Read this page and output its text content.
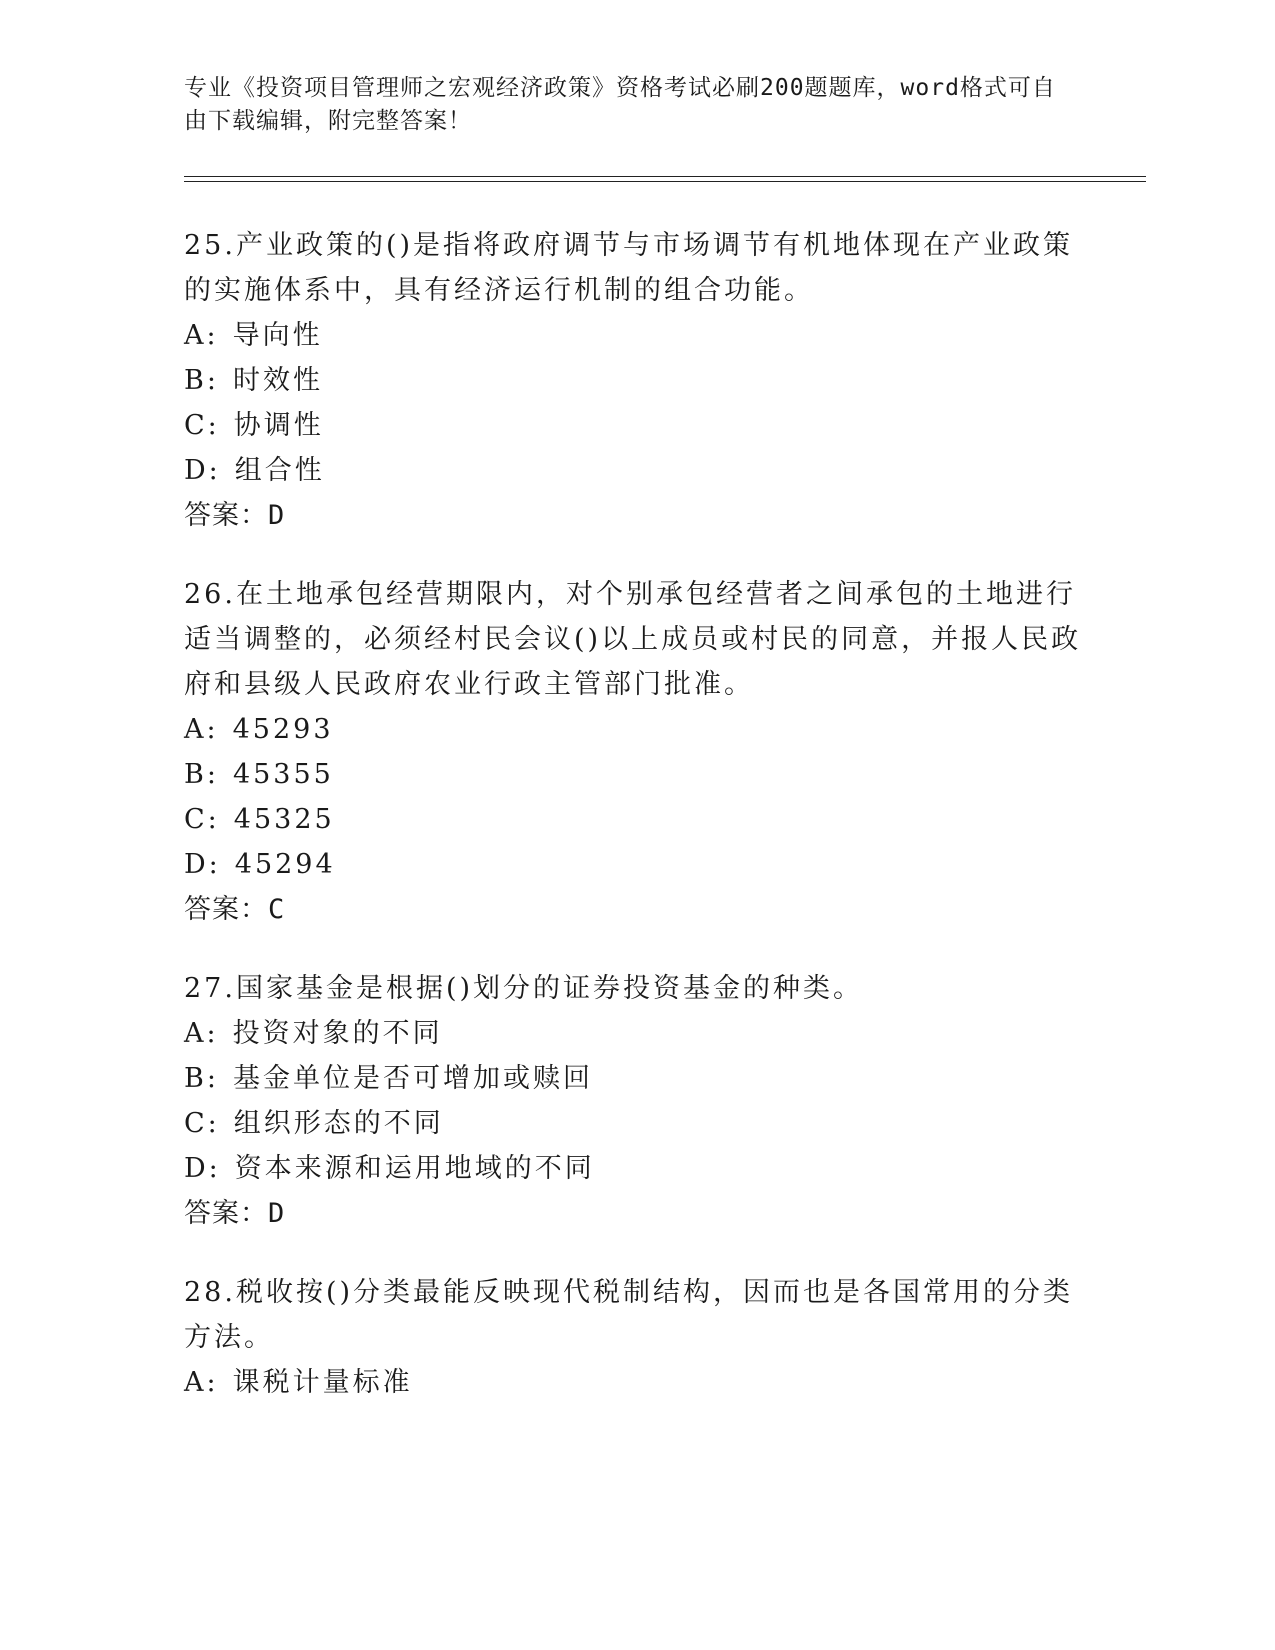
专业《投资项目管理师之宏观经济政策》资格考试必刷200题题库，word格式可自由下载编辑，附完整答案！
25.产业政策的()是指将政府调节与市场调节有机地体现在产业政策的实施体系中，具有经济运行机制的组合功能。
A: 导向性
B: 时效性
C: 协调性
D: 组合性
答案：D
26.在土地承包经营期限内，对个别承包经营者之间承包的土地进行适当调整的，必须经村民会议()以上成员或村民的同意，并报人民政府和县级人民政府农业行政主管部门批准。
A: 45293
B: 45355
C: 45325
D: 45294
答案：C
27.国家基金是根据()划分的证券投资基金的种类。
A: 投资对象的不同
B: 基金单位是否可增加或赎回
C: 组织形态的不同
D: 资本来源和运用地域的不同
答案：D
28.税收按()分类最能反映现代税制结构，因而也是各国常用的分类方法。
A: 课税计量标准
